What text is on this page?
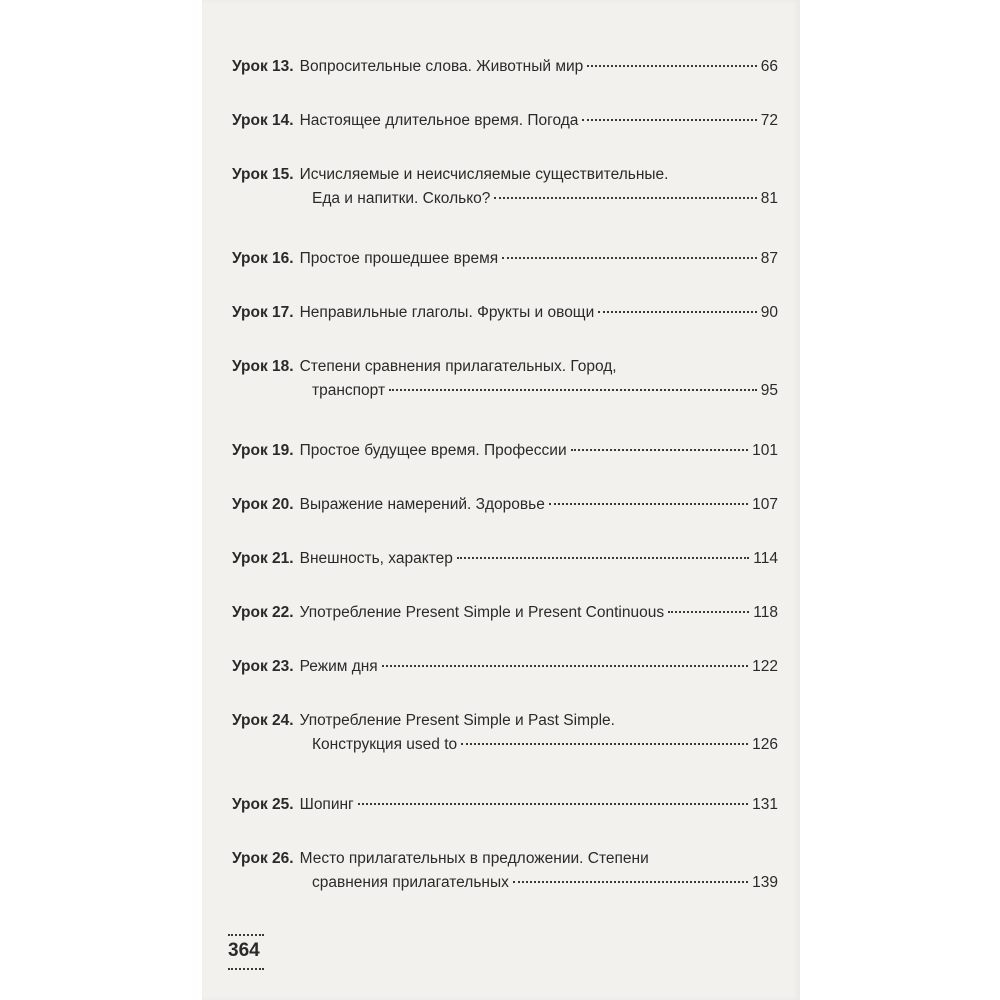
Урок 13. Вопросительные слова. Животный мир	66
Урок 14. Настоящее длительное время. Погода	72
Урок 15. Исчисляемые и неисчисляемые существительные.
Еда и напитки. Сколько?	81
Урок 16. Простое прошедшее время	87
Урок 17. Неправильные глаголы. Фрукты и овощи	90
Урок 18. Степени сравнения прилагательных. Город,
транспорт	95
Урок 19. Простое будущее время. Профессии	101
Урок 20. Выражение намерений. Здоровье	107
Урок 21. Внешность, характер	114
Урок 22. Употребление Present Simple и Present Continuous	118
Урок 23. Режим дня	122
Урок 24. Употребление Present Simple и Past Simple.
Конструкция used to	126
Урок 25. Шопинг	131
Урок 26. Место прилагательных в предложении. Степени
сравнения прилагательных	139
364
